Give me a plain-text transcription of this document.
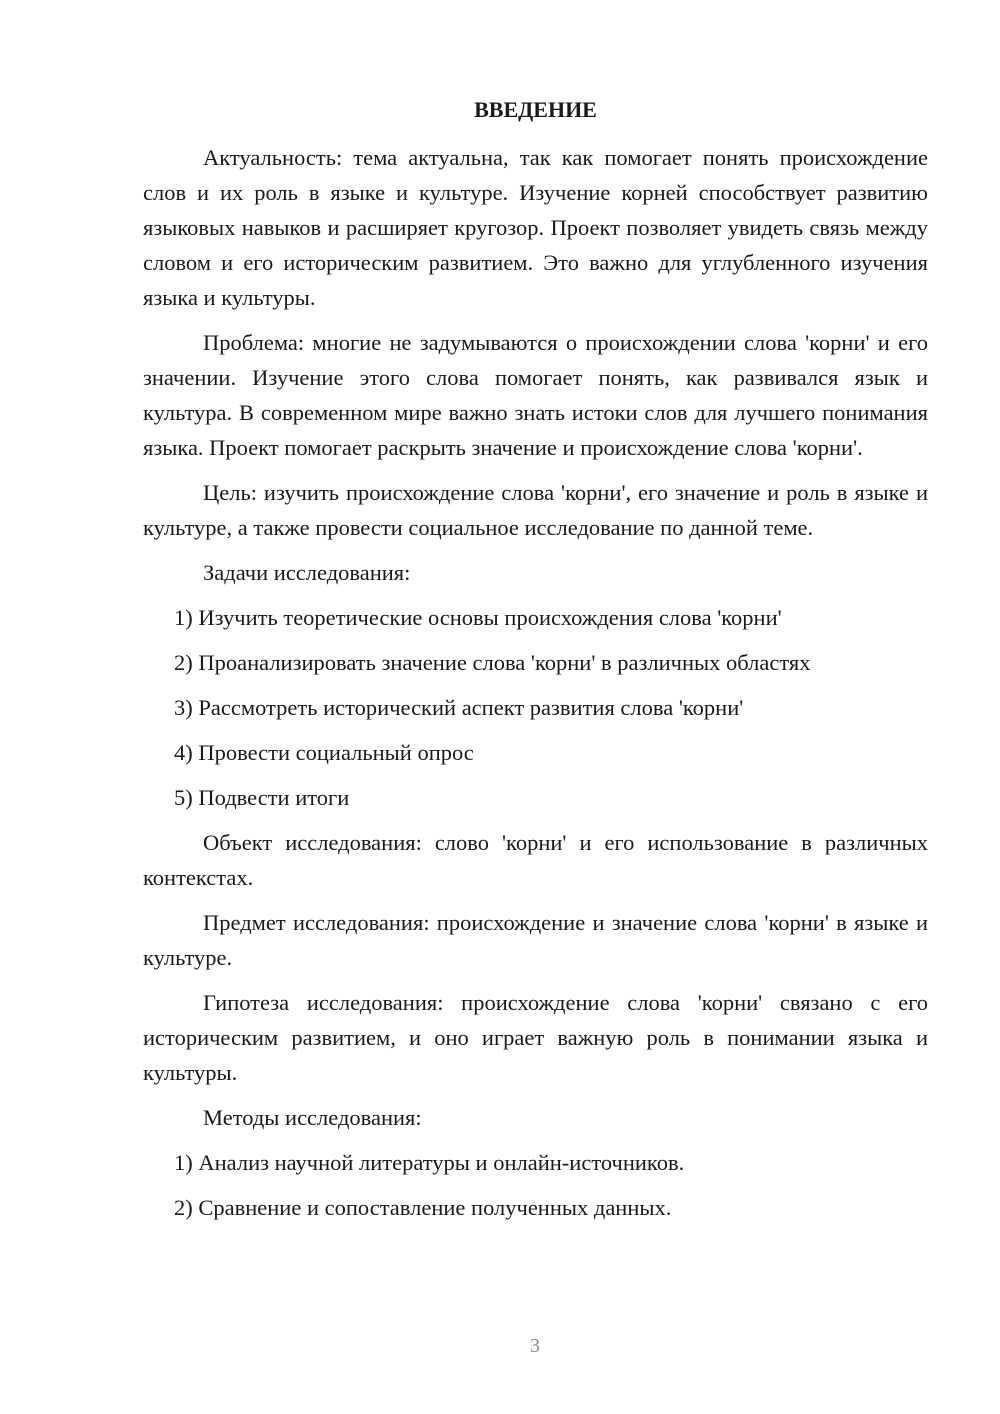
ВВЕДЕНИЕ

Актуальность: тема актуальна, так как помогает понять происхождение слов и их роль в языке и культуре. Изучение корней способствует развитию языковых навыков и расширяет кругозор. Проект позволяет увидеть связь между словом и его историческим развитием. Это важно для углубленного изучения языка и культуры.

Проблема: многие не задумываются о происхождении слова 'корни' и его значении. Изучение этого слова помогает понять, как развивался язык и культура. В современном мире важно знать истоки слов для лучшего понимания языка. Проект помогает раскрыть значение и происхождение слова 'корни'.

Цель: изучить происхождение слова 'корни', его значение и роль в языке и культуре, а также провести социальное исследование по данной теме.

Задачи исследования:

1) Изучить теоретические основы происхождения слова 'корни'

2) Проанализировать значение слова 'корни' в различных областях

3) Рассмотреть исторический аспект развития слова 'корни'

4) Провести социальный опрос

5) Подвести итоги

Объект исследования: слово 'корни' и его использование в различных контекстах.

Предмет исследования: происхождение и значение слова 'корни' в языке и культуре.

Гипотеза исследования: происхождение слова 'корни' связано с его историческим развитием, и оно играет важную роль в понимании языка и культуры.

Методы исследования:

1) Анализ научной литературы и онлайн-источников.

2) Сравнение и сопоставление полученных данных.

3
